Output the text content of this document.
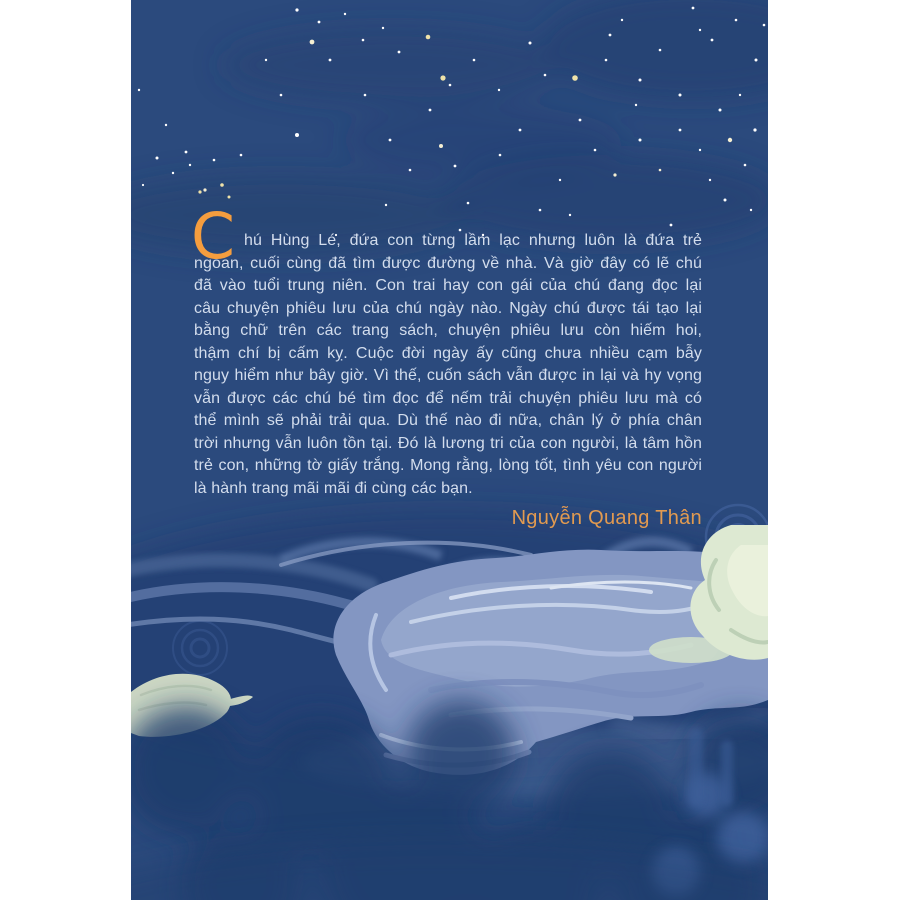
C hú Hùng Lé, đứa con từng lầm lạc nhưng luôn là đứa trẻ
ngoan, cuối cùng đã tìm được đường về nhà. Và giờ đây có lẽ chú
đã vào tuổi trung niên. Con trai hay con gái của chú đang đọc lại
câu chuyện phiêu lưu của chú ngày nào. Ngày chú được tái tạo lại
bằng chữ trên các trang sách, chuyện phiêu lưu còn hiếm hoi,
thậm chí bị cấm kỵ. Cuộc đời ngày ấy cũng chưa nhiều cạm bẫy
nguy hiểm như bây giờ. Vì thế, cuốn sách vẫn được in lại và hy vọng
vẫn được các chú bé tìm đọc để nếm trải chuyện phiêu lưu mà có
thể mình sẽ phải trải qua. Dù thế nào đi nữa, chân lý ở phía chân
trời nhưng vẫn luôn tồn tại. Đó là lương tri của con người, là tâm hồn
trẻ con, những tờ giấy trắng. Mong rằng, lòng tốt, tình yêu con người
là hành trang mãi mãi đi cùng các bạn.
Nguyễn Quang Thân
